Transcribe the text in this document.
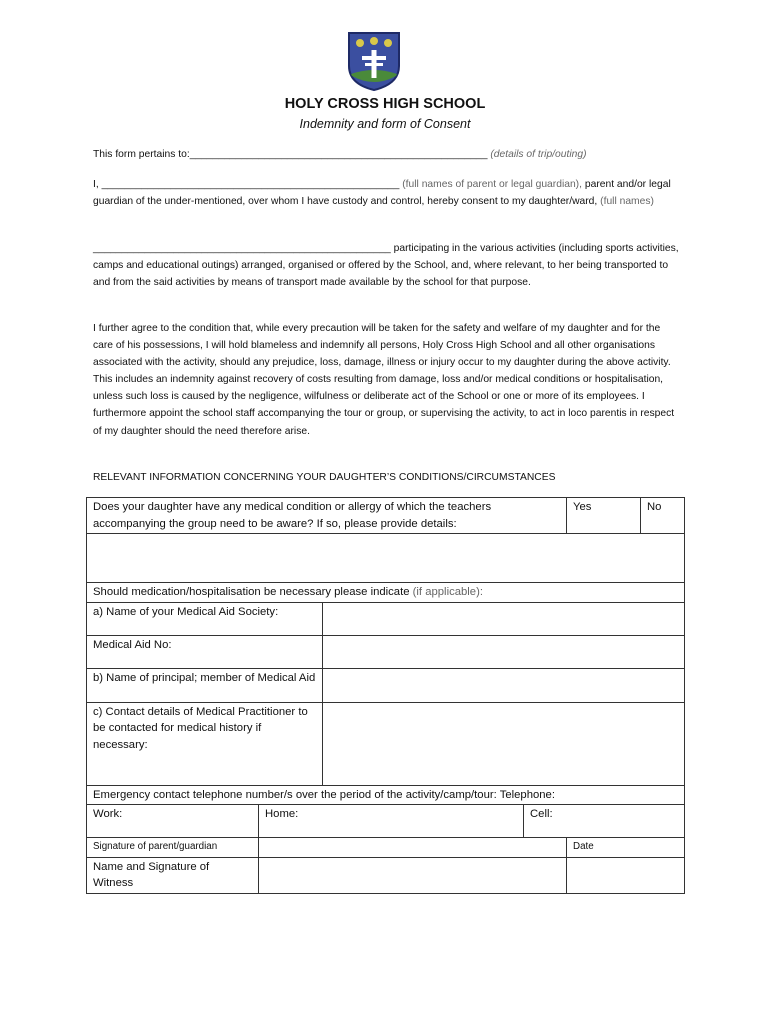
HOLY CROSS HIGH SCHOOL
Indemnity and form of Consent
This form pertains to:____________________________________________________ (details of trip/outing)
I, ____________________________________________________ (full names of parent or legal guardian), parent and/or legal guardian of the under-mentioned, over whom I have custody and control, hereby consent to my daughter/ward, (full names)
____________________________________________________ participating in the various activities (including sports activities, camps and educational outings) arranged, organised or offered by the School, and, where relevant, to her being transported to and from the said activities by means of transport made available by the school for that purpose.
I further agree to the condition that, while every precaution will be taken for the safety and welfare of my daughter and for the care of his possessions, I will hold blameless and indemnify all persons, Holy Cross High School and all other organisations associated with the activity, should any prejudice, loss, damage, illness or injury occur to my daughter during the above activity. This includes an indemnity against recovery of costs resulting from damage, loss and/or medical conditions or hospitalisation, unless such loss is caused by the negligence, wilfulness or deliberate act of the School or one or more of its employees. I furthermore appoint the school staff accompanying the tour or group, or supervising the activity, to act in loco parentis in respect of my daughter should the need therefore arise.
RELEVANT INFORMATION CONCERNING YOUR DAUGHTER’S CONDITIONS/CIRCUMSTANCES
Does your daughter have any medical condition or allergy of which the teachers accompanying the group need to be aware? If so, please provide details:				Yes	No

Should medication/hospitalisation be necessary please indicate (if applicable):					
a) Name of your Medical Aid Society:					
Medical Aid No:					
b) Name of principal; member of Medical Aid					
c) Contact details of Medical Practitioner to be contacted for medical history if necessary:					
Emergency contact telephone number/s over the period of the activity/camp/tour: Telephone:					
Work:	Home:		Cell:		
Signature of parent/guardian				Date	
Name and Signature of Witness					
